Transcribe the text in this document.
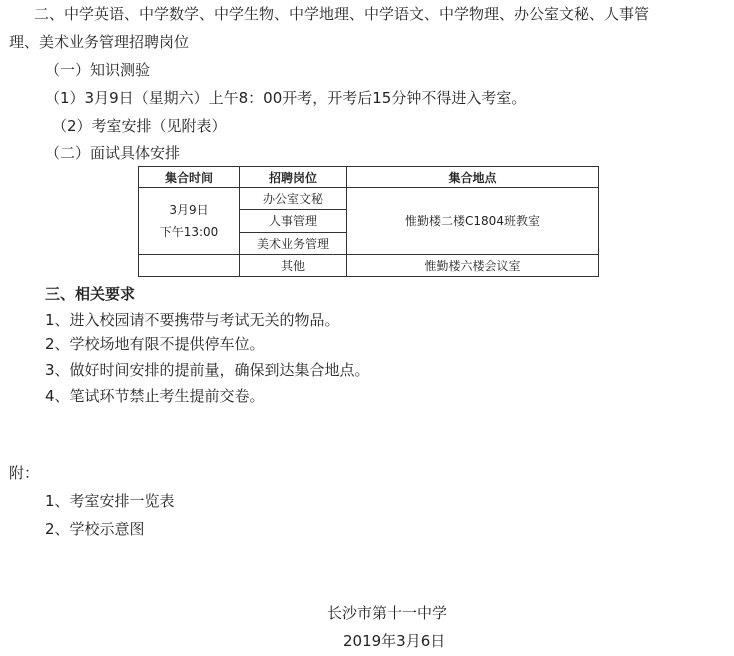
二、中学英语、中学数学、中学生物、中学地理、中学语文、中学物理、办公室文秘、人事管
理、美术业务管理招聘岗位
（一）知识测验
（1）3月9日（星期六）上午8：00开考，开考后15分钟不得进入考室。
（2）考室安排（见附表）
（二）面试具体安排
集合时间	招聘岗位	集合地点

3月9日
下午13:00	办公室文秘	惟勤楼二楼C1804班教室
	人事管理	
	美术业务管理	
	其他	惟勤楼六楼会议室
三、相关要求
1、进入校园请不要携带与考试无关的物品。
2、学校场地有限不提供停车位。
3、做好时间安排的提前量，确保到达集合地点。
4、笔试环节禁止考生提前交卷。
附：
1、考室安排一览表
2、学校示意图
长沙市第十一中学
2019年3月6日
